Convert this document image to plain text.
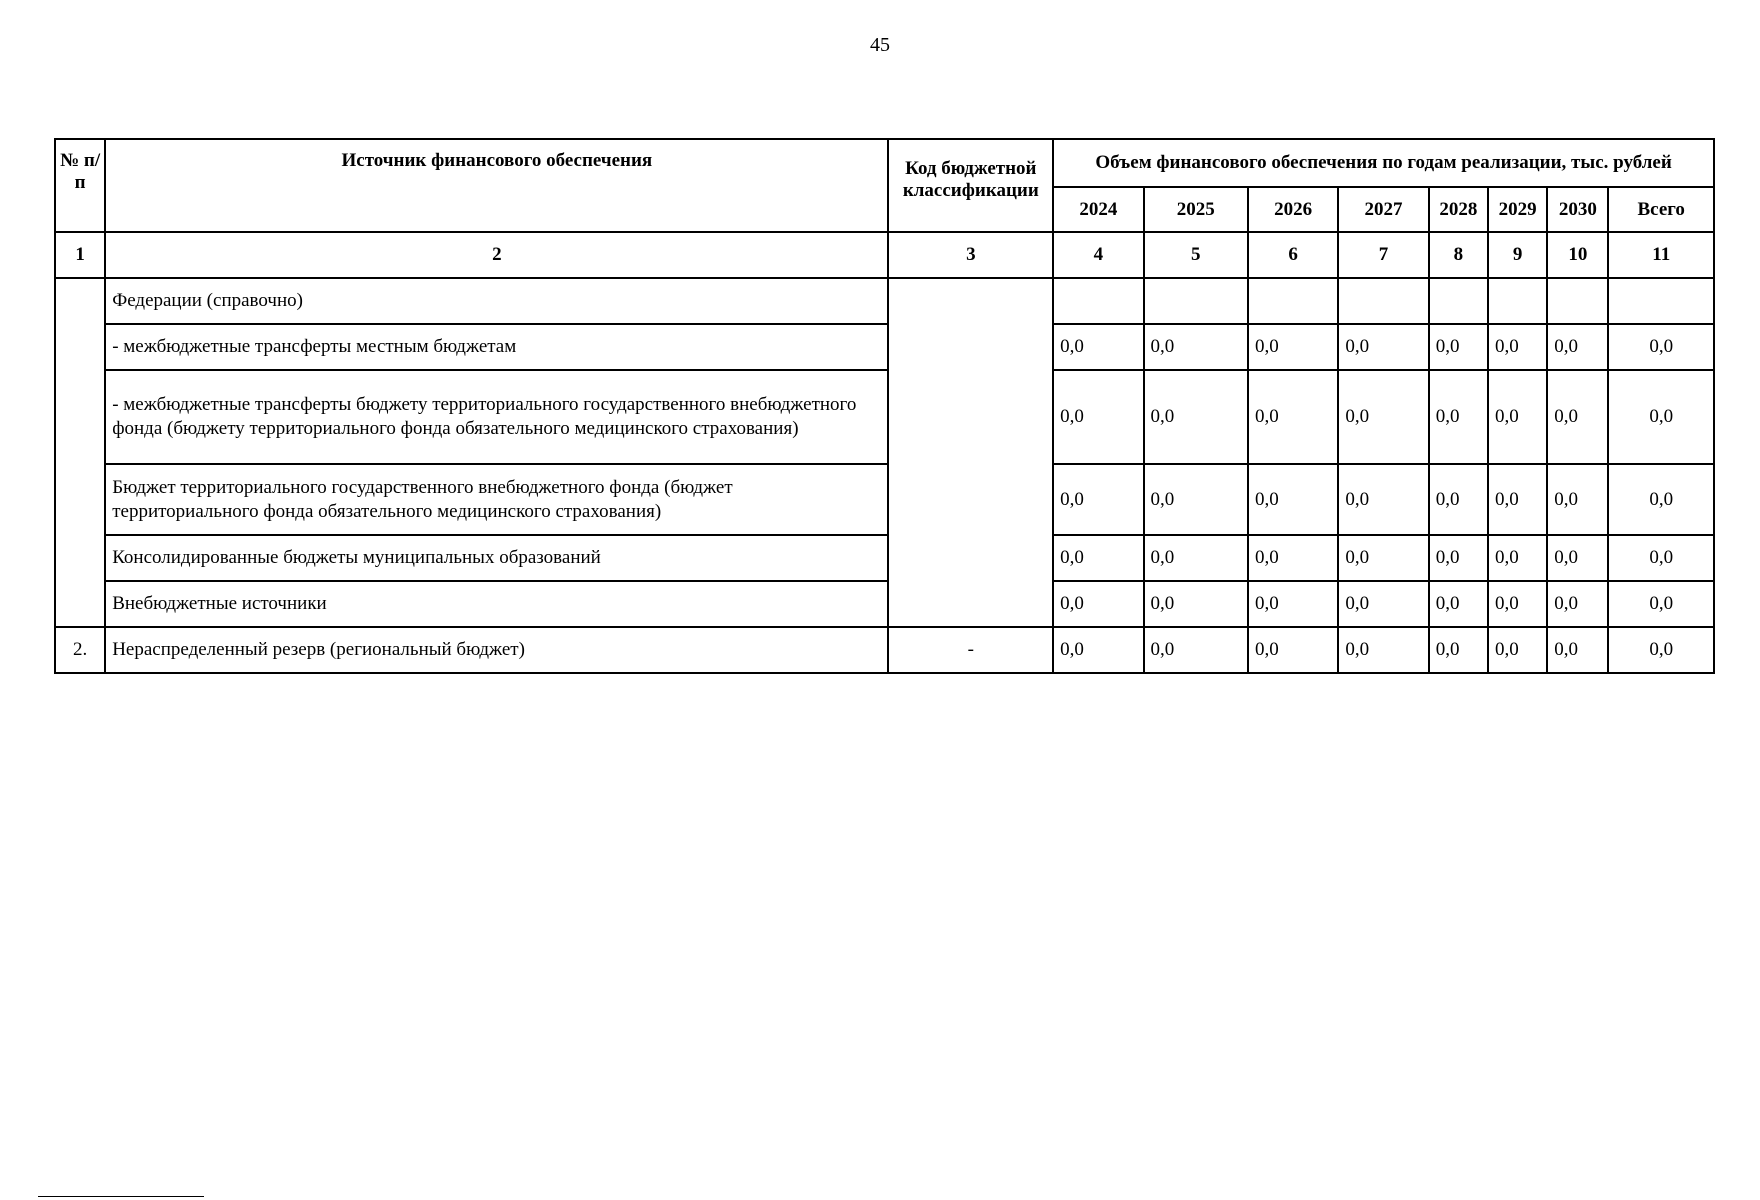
45
№ п/п	Источник финансового обеспечения	Код бюджетной классификации	Объем финансового обеспечения по годам реализации, тыс. рублей							
			2024	2025	2026	2027	2028	2029	2030	Всего
1	2	3	4	5	6	7	8	9	10	11
	Федерации (справочно)									
	- межбюджетные трансферты местным бюджетам		0,0	0,0	0,0	0,0	0,0	0,0	0,0	0,0
	- межбюджетные трансферты бюджету территориального государственного внебюджетного фонда (бюджету территориального фонда обязательного медицинского страхования)		0,0	0,0	0,0	0,0	0,0	0,0	0,0	0,0
	Бюджет территориального государственного внебюджетного фонда (бюджет территориального фонда обязательного медицинского страхования)		0,0	0,0	0,0	0,0	0,0	0,0	0,0	0,0
	Консолидированные бюджеты муниципальных образований		0,0	0,0	0,0	0,0	0,0	0,0	0,0	0,0
	Внебюджетные источники		0,0	0,0	0,0	0,0	0,0	0,0	0,0	0,0
2.	Нераспределенный резерв (региональный бюджет)	-	0,0	0,0	0,0	0,0	0,0	0,0	0,0	0,0
